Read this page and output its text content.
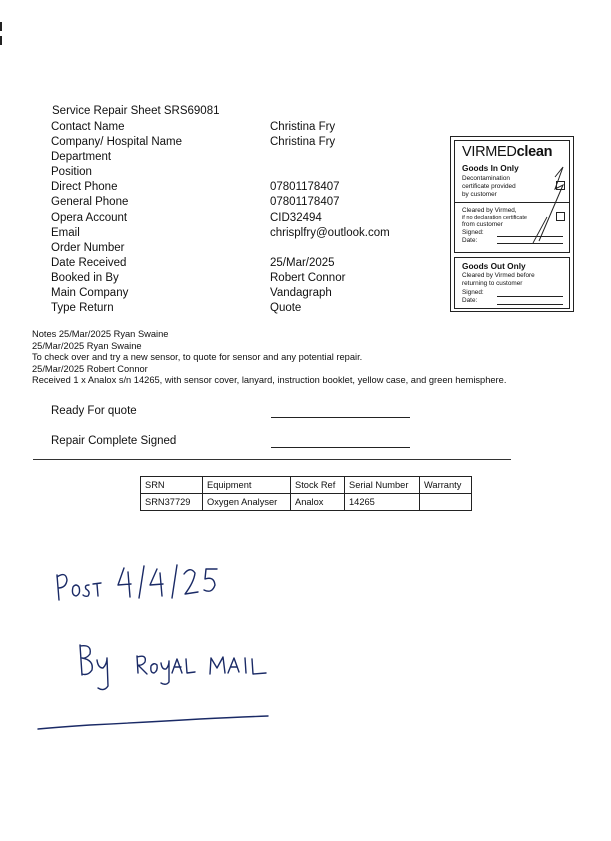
Service Repair Sheet SRS69081
Contact Name	Christina Fry
Company/ Hospital Name	Christina Fry
Department
Position
Direct Phone	07801178407
General Phone	07801178407
Opera Account	CID32494
Email	chrisplfry@outlook.com
Order Number
Date Received	25/Mar/2025
Booked in By	Robert Connor
Main Company	Vandagraph
Type Return	Quote
VIRMEDclean
Goods In Only
Decontamination
certificate provided
by customer
Cleared by Virmed,
if no declaration certificate
from customer
Signed:
Date:
Goods Out Only
Cleared by Virmed before
returning to customer
Signed:
Date:
Notes 25/Mar/2025 Ryan Swaine
25/Mar/2025 Ryan Swaine
To check over and try a new sensor, to quote for sensor and any potential repair.
25/Mar/2025 Robert Connor
Received 1 x Analox s/n 14265, with sensor cover, lanyard, instruction booklet, yellow case, and green hemisphere.
Ready For quote
Repair Complete Signed
SRN	Equipment	Stock Ref	Serial Number	Warranty
SRN37729	Oxygen Analyser	Analox	14265	
